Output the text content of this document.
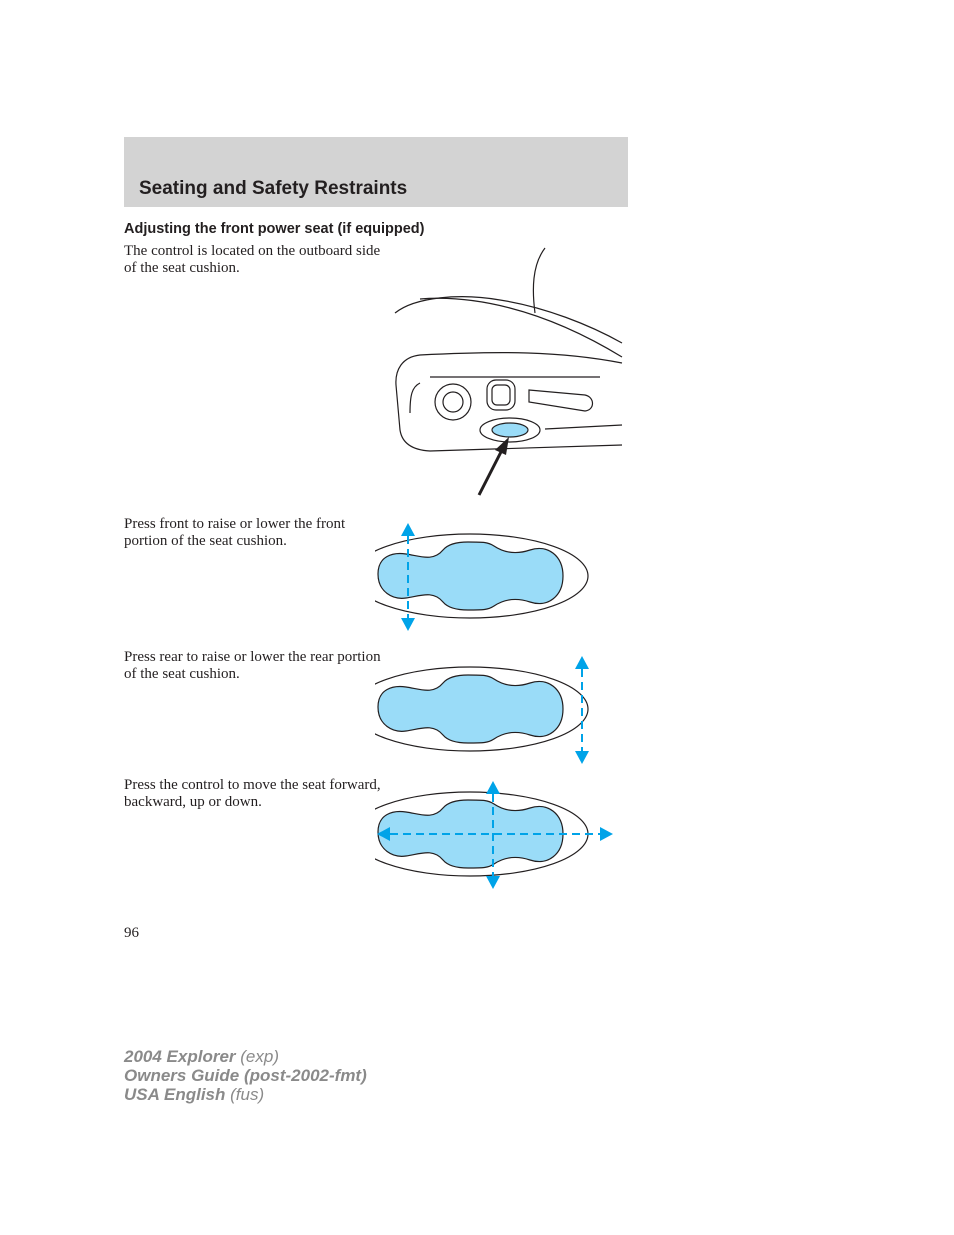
Seating and Safety Restraints
Adjusting the front power seat (if equipped)
The control is located on the outboard side of the seat cushion.
Press front to raise or lower the front portion of the seat cushion.
Press rear to raise or lower the rear portion of the seat cushion.
Press the control to move the seat forward, backward, up or down.
96
2004 Explorer (exp)
Owners Guide (post-2002-fmt)
USA English (fus)
